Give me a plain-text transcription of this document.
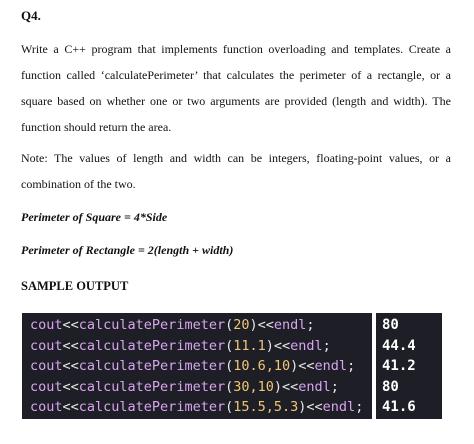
Q4.
Write a C++ program that implements function overloading and templates. Create a function called ‘calculatePerimeter’ that calculates the perimeter of a rectangle, or a square based on whether one or two arguments are provided (length and width). The function should return the area.
Note: The values of length and width can be integers, floating-point values, or a combination of the two.
Perimeter of Square = 4*Side
Perimeter of Rectangle = 2(length + width)
SAMPLE OUTPUT
cout<<calculatePerimeter(20)<<endl;
cout<<calculatePerimeter(11.1)<<endl;
cout<<calculatePerimeter(10.6,10)<<endl;
cout<<calculatePerimeter(30,10)<<endl;
cout<<calculatePerimeter(15.5,5.3)<<endl;
80
44.4
41.2
80
41.6
